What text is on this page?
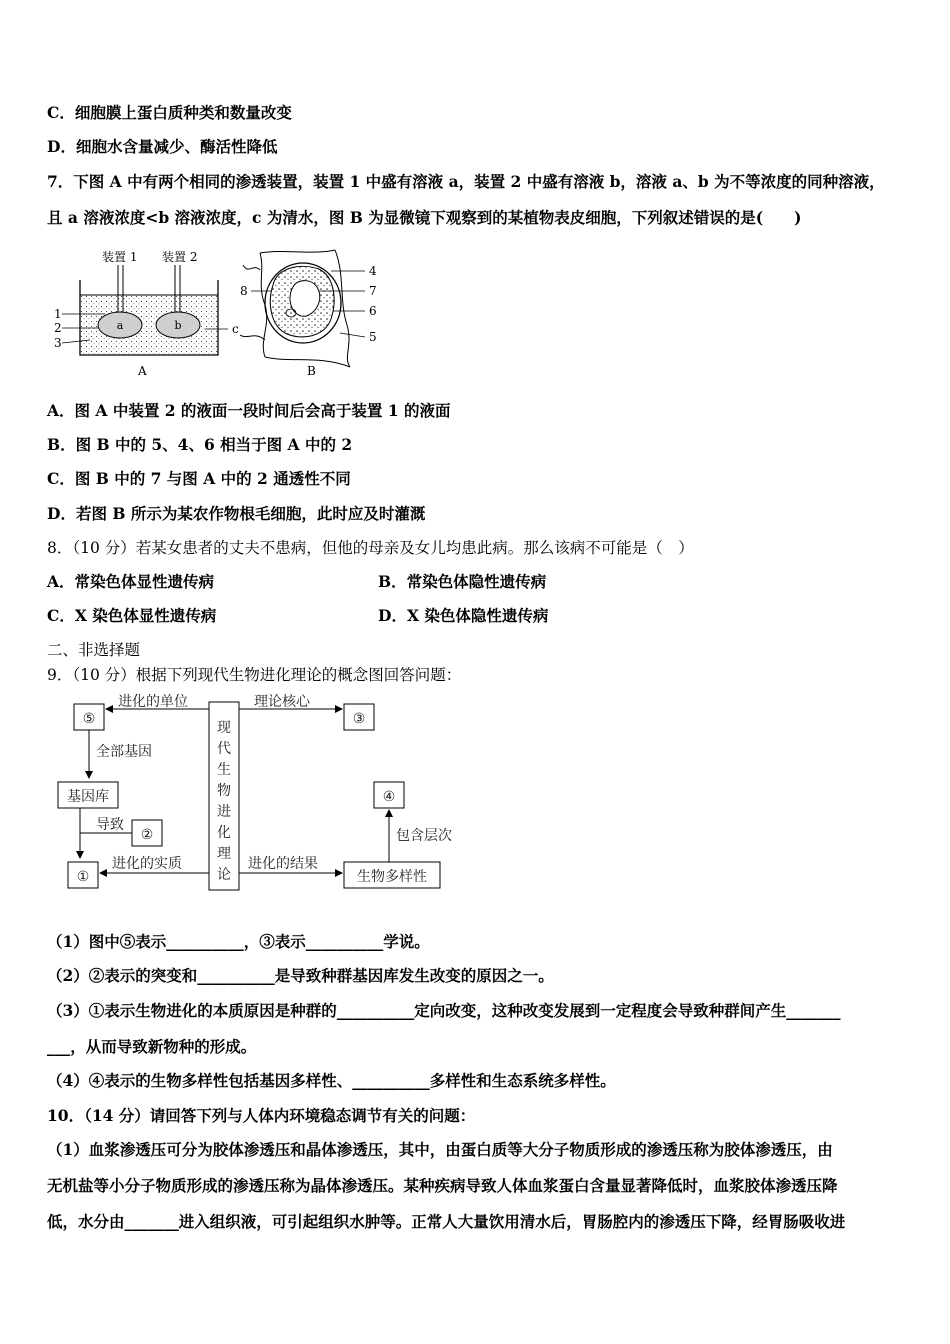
C．细胞膜上蛋白质种类和数量改变
D．细胞水含量减少、酶活性降低
7．下图 A 中有两个相同的渗透装置，装置 1 中盛有溶液 a，装置 2 中盛有溶液 b，溶液 a、b 为不等浓度的同种溶液，
且 a 溶液浓度<b 溶液浓度，c 为清水，图 B 为显微镜下观察到的某植物表皮细胞，下列叙述错误的是(　　)
a	b
装置 1 装置 2
1
2
3
c
A
4
7
6
5
8
B
A．图 A 中装置 2 的液面一段时间后会高于装置 1 的液面
B．图 B 中的 5、4、6 相当于图 A 中的 2
C．图 B 中的 7 与图 A 中的 2 通透性不同
D．若图 B 所示为某农作物根毛细胞，此时应及时灌溉
8．（10 分）若某女患者的丈夫不患病，但他的母亲及女儿均患此病。那么该病不可能是（　）
A．常染色体显性遗传病	B．常染色体隐性遗传病
C．X 染色体显性遗传病	D．X 染色体隐性遗传病
二、非选择题
9．（10 分）根据下列现代生物进化理论的概念图回答问题：
现
代
生
物
进
化
理
论
⑤
进化的单位
③
理论核心
全部基因
基因库
②
导致
①
进化的实质
生物多样性
进化的结果
④
包含层次
（1）图中⑤表示__________，③表示__________学说。
（2）②表示的突变和__________是导致种群基因库发生改变的原因之一。
（3）①表示生物进化的本质原因是种群的__________定向改变，这种改变发展到一定程度会导致种群间产生_______
___，从而导致新物种的形成。
（4）④表示的生物多样性包括基因多样性、__________多样性和生态系统多样性。
10．（14 分）请回答下列与人体内环境稳态调节有关的问题：
（1）血浆渗透压可分为胶体渗透压和晶体渗透压，其中，由蛋白质等大分子物质形成的渗透压称为胶体渗透压，由
无机盐等小分子物质形成的渗透压称为晶体渗透压。某种疾病导致人体血浆蛋白含量显著降低时，血浆胶体渗透压降
低，水分由_______进入组织液，可引起组织水肿等。正常人大量饮用清水后，胃肠腔内的渗透压下降，经胃肠吸收进
